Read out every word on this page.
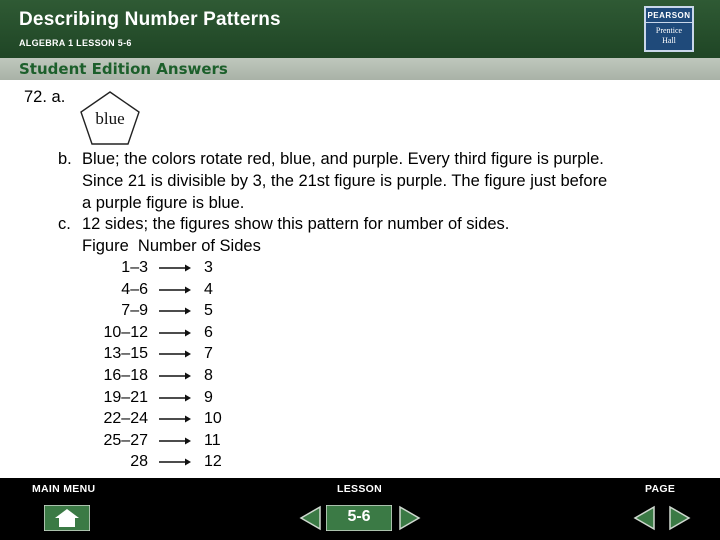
Describing Number Patterns
ALGEBRA 1 LESSON 5-6
PEARSON
Prentice
Hall
Student Edition Answers
72. a.
blue
b. Blue; the colors rotate red, blue, and purple. Every third figure is purple.
Since 21 is divisible by 3, the 21st figure is purple. The figure just before
a purple figure is blue.
c. 12 sides; the figures show this pattern for number of sides.
Figure  Number of Sides
1–3	3
4–6	4
7–9	5
10–12	6
13–15	7
16–18	8
19–21	9
22–24	10
25–27	11
28	12
MAIN MENU	LESSON	PAGE
5-6
